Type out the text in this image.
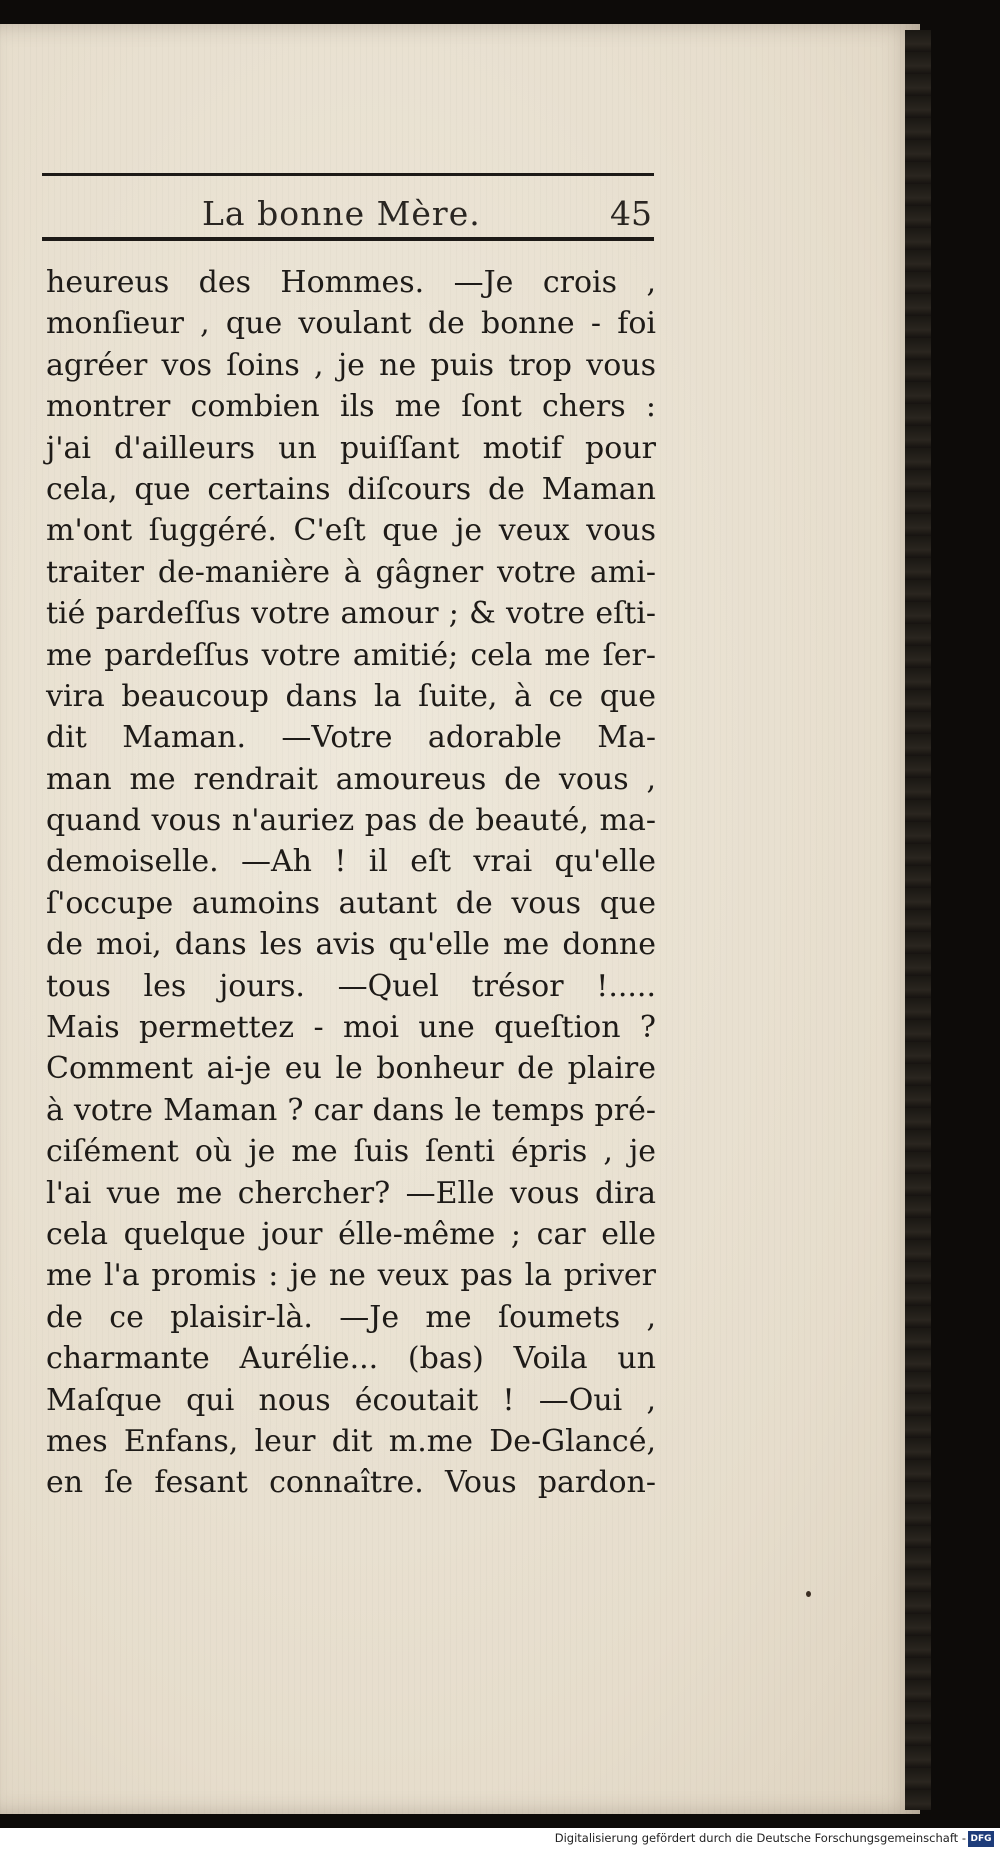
La bonne Mère.	45
heureus des Hommes. —Je crois ,
monſieur , que voulant de bonne - foi
agréer vos ſoins , je ne puis trop vous
montrer combien ils me ſont chers :
j'ai d'ailleurs un puiſſant motif pour
cela, que certains diſcours de Maman
m'ont ſuggéré. C'eſt que je veux vous
traiter de-manière à gâgner votre ami-
tié pardeſſus votre amour ; & votre eſti-
me pardeſſus votre amitié; cela me ſer-
vira beaucoup dans la ſuite, à ce que
dit Maman. —Votre adorable Ma-
man me rendrait amoureus de vous ,
quand vous n'auriez pas de beauté, ma-
demoiselle. —Ah ! il eſt vrai qu'elle
ſ'occupe aumoins autant de vous que
de moi, dans les avis qu'elle me donne
tous les jours. —Quel trésor !.....
Mais permettez - moi une queſtion ?
Comment ai-je eu le bonheur de plaire
à votre Maman ? car dans le temps pré-
ciſément où je me ſuis ſenti épris , je
l'ai vue me chercher? —Elle vous dira
cela quelque jour élle-même ; car elle
me l'a promis : je ne veux pas la priver
de ce plaisir-là. —Je me ſoumets ,
charmante Aurélie... (bas) Voila un
Maſque qui nous écoutait ! —Oui ,
mes Enfans, leur dit m.me De-Glancé,
en ſe fesant connaître. Vous pardon-
Digitalisierung gefördert durch die Deutsche Forschungsgemeinschaft - DFG
